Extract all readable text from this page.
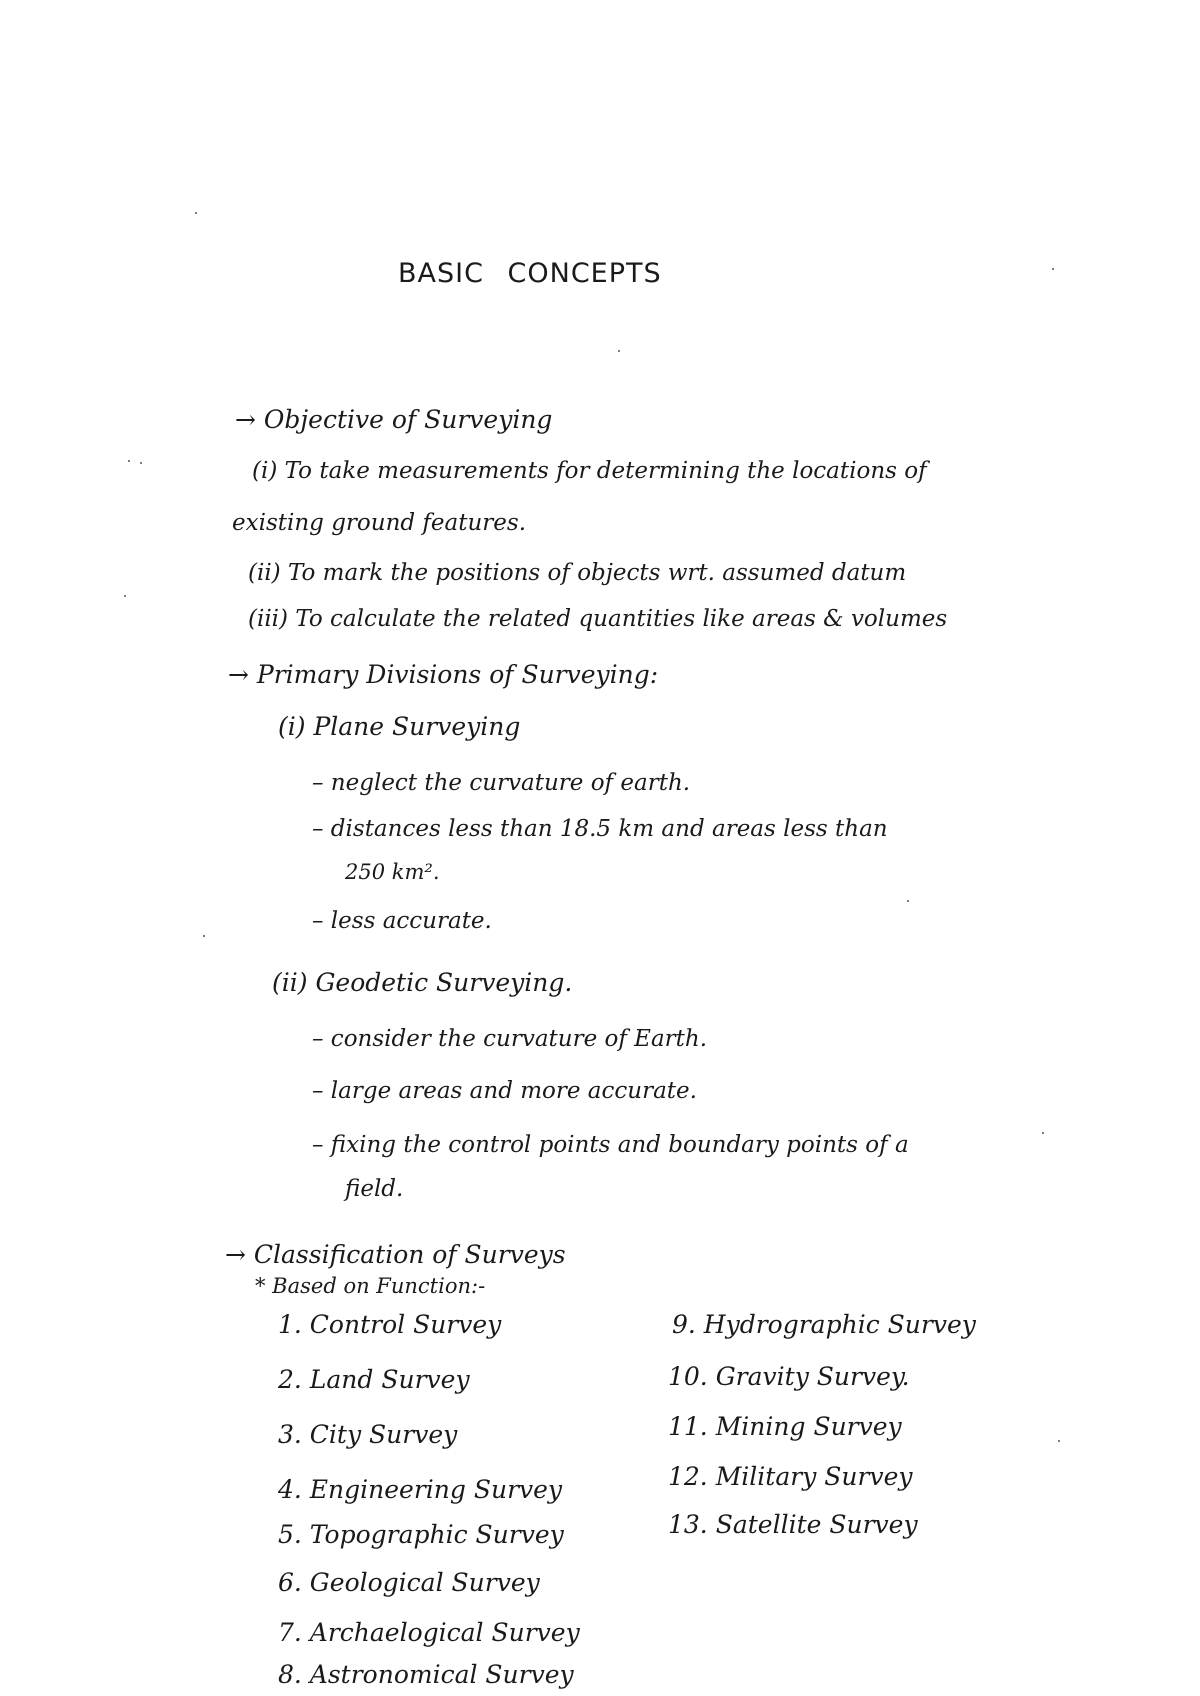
BASIC CONCEPTS
→ Objective of Surveying
(i) To take measurements for determining the locations of
existing ground features.
(ii) To mark the positions of objects wrt. assumed datum
(iii) To calculate the related quantities like areas & volumes
→ Primary Divisions of Surveying:
(i) Plane Surveying
– neglect the curvature of earth.
– distances less than 18.5 km and areas less than
250 km².
– less accurate.
(ii) Geodetic Surveying.
– consider the curvature of Earth.
– large areas and more accurate.
– fixing the control points and boundary points of a
field.
→ Classification of Surveys
* Based on Function:-
1. Control Survey
2. Land Survey
3. City Survey
4. Engineering Survey
5. Topographic Survey
6. Geological Survey
7. Archaelogical Survey
8. Astronomical Survey
9. Hydrographic Survey
10. Gravity Survey.
11. Mining Survey
12. Military Survey
13. Satellite Survey
